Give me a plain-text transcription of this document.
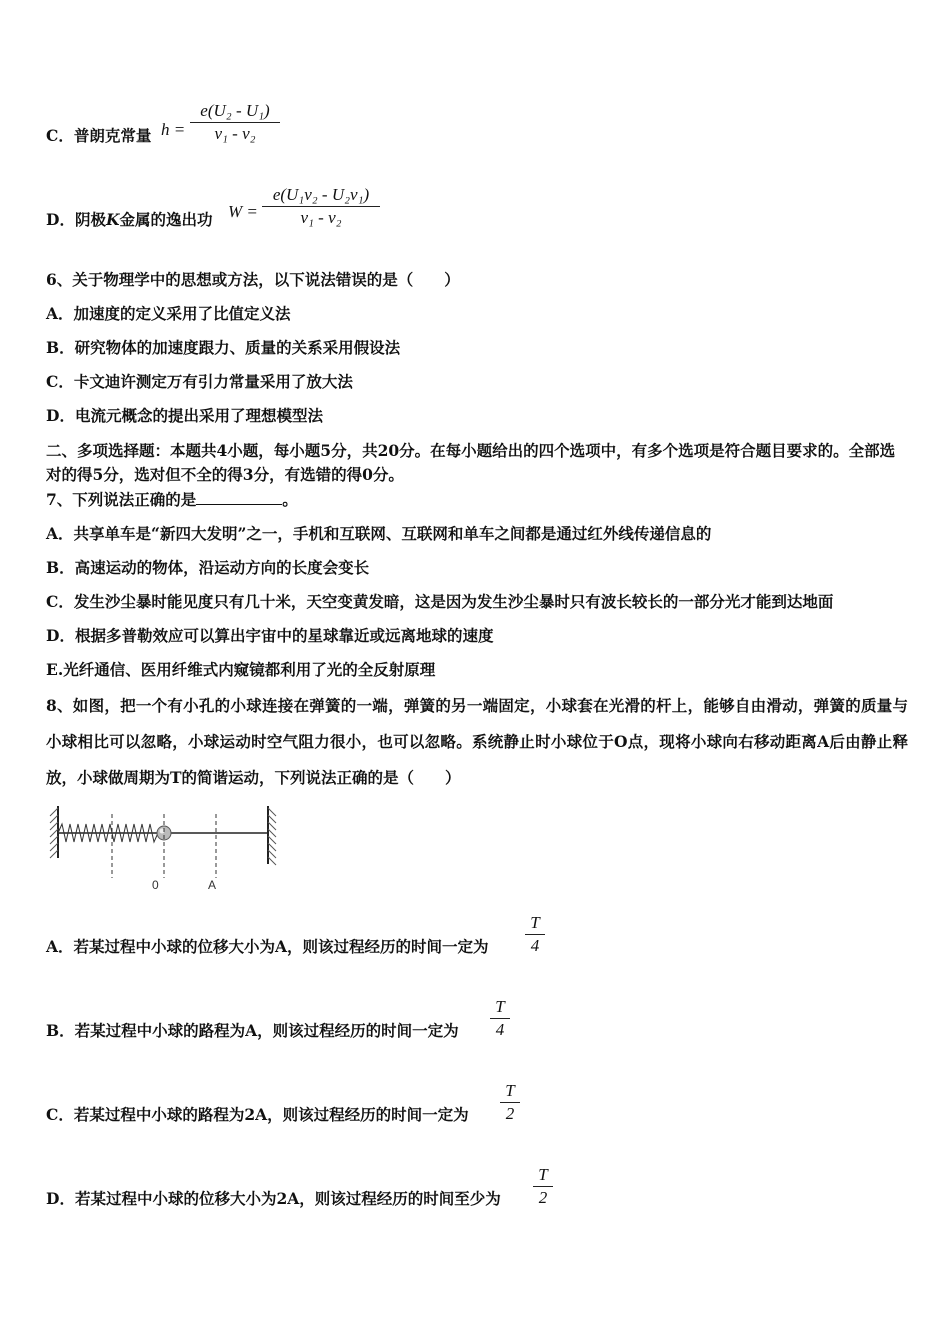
C．普朗克常量 $h = \frac{\text{e(U₂ - U₁)}}{\text{v₁ - v₂}}$
D．阴极K金属的逸出功 $W = \frac{\text{e(U₁v₂ - U₂v₁)}}{\text{v₁ - v₂}}$
6、关于物理学中的思想或方法，以下说法错误的是（　　）
A．加速度的定义采用了比值定义法
B．研究物体的加速度跟力、质量的关系采用假设法
C．卡文迪许测定万有引力常量采用了放大法
D．电流元概念的提出采用了理想模型法
二、多项选择题：本题共4小题，每小题5分，共20分。在每小题给出的四个选项中，有多个选项是符合题目要求的。全部选对的得5分，选对但不全的得3分，有选错的得0分。
7、下列说法正确的是	。
A．共享单车是“新四大发明”之一，手机和互联网、互联网和单车之间都是通过红外线传递信息的
B．高速运动的物体，沿运动方向的长度会变长
C．发生沙尘暴时能见度只有几十米，天空变黄发暗，这是因为发生沙尘暴时只有波长较长的一部分光才能到达地面
D．根据多普勒效应可以算出宇宙中的星球靠近或远离地球的速度
E.光纤通信、医用纤维式内窥镜都利用了光的全反射原理
8、如图，把一个有小孔的小球连接在弹簧的一端，弹簧的另一端固定，小球套在光滑的杆上，能够自由滑动，弹簧的质量与小球相比可以忽略，小球运动时空气阻力很小，也可以忽略。系统静止时小球位于O点，现将小球向右移动距离A后由静止释放，小球做周期为T的简谐运动，下列说法正确的是（　　）
0	A
A．若某过程中小球的位移大小为A，则该过程经历的时间一定为 $\frac{T}{4}$
B．若某过程中小球的路程为A，则该过程经历的时间一定为 $\frac{T}{4}$
C．若某过程中小球的路程为2A，则该过程经历的时间一定为 $\frac{T}{2}$
D．若某过程中小球的位移大小为2A，则该过程经历的时间至少为 $\frac{T}{2}$
